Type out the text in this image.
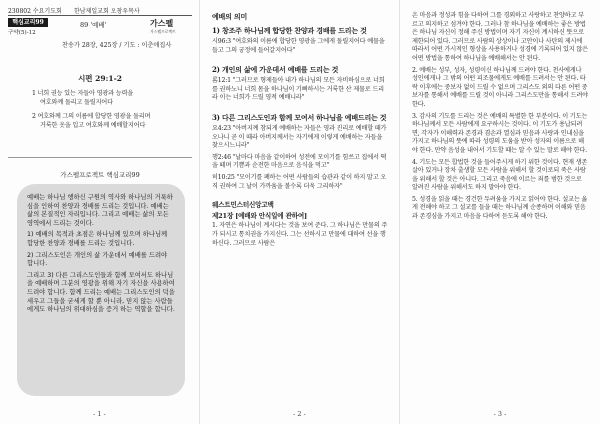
230802 수요기도회 한남제일교회 오창우목사
핵심교리99
구약(5)-12
89 '예배'	가스펠
가스펠프로젝트
찬송가 28장, 425장 / 기도 : 이춘애집사
시편 29:1-2

1 너희 권능 있는 자들아 영광과 능력을
여호와께 돌리고 돌릴지어다

2 여호와께 그의 이름에 합당한 영광을 돌리며
거룩한 옷을 입고 여호와께 예배할지어다

가스펠프로젝트 핵심교리99

예배는 하나님 행하신 구원의 역사와 하나님의 거룩하심을 인하여 찬양과 경배를 드리는 것입니다. 예배는 삶의 본질적인 자리입니다. 그리고 예배는 삶의 모든 영역에서 드리는 것이다.

1) 예배의 목적과 초점은 하나님께 있으며 하나님께 합당한 찬양과 경배를 드리는 것입니다.

2) 그리스도인은 개인의 삶 가운데서 예배를 드려야 합니다.

그리고 3) 다른 그리스도인들과 함께 모여서도 하나님을 예배하며 그분의 영광을 위해 자기 자신을 사용하여 드려야 합니다. 함께 드리는 예배는 그리스도인의 덕을 세우고 그들을 굳세게 할 뿐 아니라, 믿지 않는 사람들에게도 하나님의 위대하심을 증거 하는 역할을 합니다.

- 1 -
예배의 의미
1) 창조주 하나님께 합당한 찬양과 경배를 드리는 것
시96:3 "여호와의 이름에 합당한 영광을 그에게 돌릴지어다 예물을 들고 그의 궁정에 들어갈지어다"
2) 개인의 삶에 가운데서 예배를 드리는 것
롬12:1 "그러므로 형제들아 내가 하나님의 모든 자비하심으로 너희를 권하노니 너희 몸을 하나님이 기뻐하시는 거룩한 산 제물로 드리라 이는 너희가 드릴 영적 예배니라"
3) 다른 그리스도인과 함께 모여서 하나님을 예배드리는 것
요4:23 "아버지께 참되게 예배하는 자들은 영과 진리로 예배할 때가 오나니 곧 이 때라 아버지께서는 자기에게 이렇게 예배하는 자들을 찾으시느니라"
행2:46 "날마다 마음을 같이하여 성전에 모이기를 힘쓰고 집에서 떡을 떼며 기쁨과 순전한 마음으로 음식을 먹고"
히10:25 "모이기를 폐하는 어떤 사람들의 습관과 같이 하지 말고 오직 권하여 그 날이 가까움을 볼수록 더욱 그리하자"
웨스트민스터신앙고백
제21장 [예배와 안식일에 관하여]
1. 자연은 하나님이 계시다는 것을 보여 준다. 그 하나님은 만물의 주가 되시고 통치권을 가지신다. 그는 선하시고 만물에 대하여 선을 행하신다. 그러므로 사람은
- 2 -
온 마음과 정성과 힘을 다하여 그를 경외하고 사랑하고 찬양하고 부르고 의지하고 섬겨야 한다. 그러나 참 하나님을 예배하는 좋은 방법은 하나님 자신이 정해 주신 방법이며 자기 자신이 계시하신 뜻으로 제한되어 있다. 그러므로 사람의 상상이나 고안이나 사탄의 제시에 따라서 어떤 가시적인 형상을 사용하거나 성경에 기록되어 있지 않은 어떤 방법을 통하여 하나님을 예배해서는 안 된다.
2. 예배는 성부, 성자, 성령이신 하나님께 드려야 한다. 천사에게나 성인에게나 그 밖의 어떤 피조물에게도 예배를 드려서는 안 된다. 타락 이후에는 중보자 없이 드릴 수 없으며 그리스도 외의 다른 어떤 중보자를 통해서 예배를 드릴 것이 아니라 그리스도만을 통해서 드려야 한다.
3. 감사의 기도를 드리는 것은 예배의 특별한 한 부분이다. 이 기도는 하나님께서 모든 사람에게 요구하시는 것이다. 이 기도가 용납되려면, 각자가 이해력과 존경과 겸손과 열심과 믿음과 사랑과 인내심을 가지고 하나님의 뜻에 따라 성령의 도움을 받아 성자의 이름으로 해야 한다. 만약 음성을 내어서 기도할 때는 알 수 있는 말로 해야 한다.
4. 기도는 모든 합법한 것을 들어주시게 하기 위한 것이다. 현재 생존 살아 있거나 장차 출생할 모든 사람을 위해서 할 것이로되 죽은 사람을 위해서 할 것은 아니다. 그리고 죽음에 이르는 죄를 범한 것으로 알려진 사람을 위해서도 하지 말아야 한다.
5. 성경을 읽을 때는 경건한 두려움을 가지고 읽어야 한다. 설교는 옳게 전해야 하고 그 설교를 들을 때는 하나님께 순종하며 이해와 믿음과 존경심을 가지고 마음을 다하여 듣도록 해야 한다.
- 3 -
